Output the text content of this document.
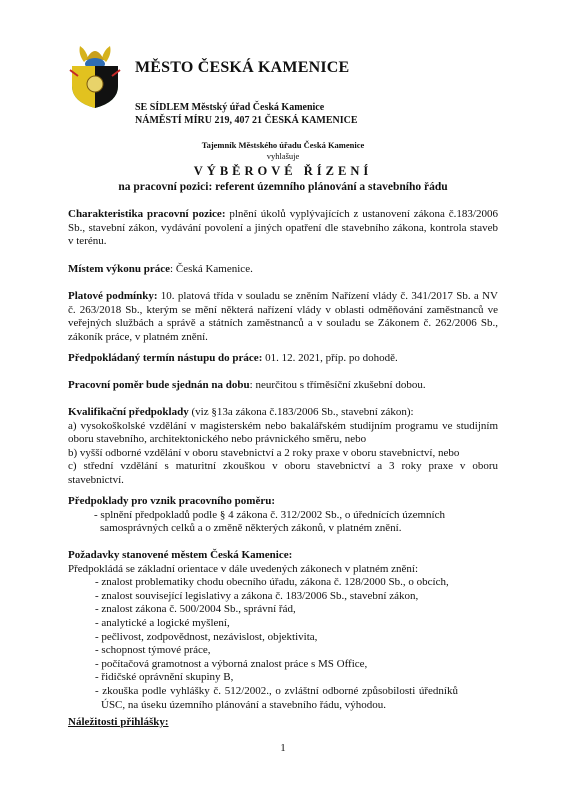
MĚSTO ČESKÁ KAMENICE
SE SÍDLEM Městský úřad Česká Kamenice
NÁMĚSTÍ MÍRU 219, 407 21 ČESKÁ KAMENICE
Tajemník Městského úřadu Česká Kamenice
vyhlašuje
VÝBĚROVÉ ŘÍZENÍ
na pracovní pozici: referent územního plánování a stavebního řádu
Charakteristika pracovní pozice: plnění úkolů vyplývajících z ustanovení zákona č.183/2006 Sb., stavební zákon, vydávání povolení a jiných opatření dle stavebního zákona, kontrola staveb v terénu.
Místem výkonu práce: Česká Kamenice.
Platové podmínky: 10. platová třída v souladu se zněním Nařízení vlády č. 341/2017 Sb. a NV č. 263/2018 Sb., kterým se mění některá nařízení vlády v oblasti odměňování zaměstnanců ve veřejných službách a správě a státních zaměstnanců a v souladu se Zákonem č. 262/2006 Sb., zákoník práce, v platném znění.
Předpokládaný termín nástupu do práce: 01. 12. 2021, příp. po dohodě.
Pracovní poměr bude sjednán na dobu: neurčitou s tříměsíční zkušební dobou.
Kvalifikační předpoklady (viz §13a zákona č.183/2006 Sb., stavební zákon):
a) vysokoškolské vzdělání v magisterském nebo bakalářském studijním programu ve studijním oboru stavebního, architektonického nebo právnického směru, nebo
b) vyšší odborné vzdělání v oboru stavebnictví a 2 roky praxe v oboru stavebnictví, nebo
c) střední vzdělání s maturitní zkouškou v oboru stavebnictví a 3 roky praxe v oboru stavebnictví.
Předpoklady pro vznik pracovního poměru:
- splnění předpokladů podle § 4 zákona č. 312/2002 Sb., o úřednících územních
samosprávných celků a o změně některých zákonů, v platném znění.
Požadavky stanovené městem Česká Kamenice:
Předpokládá se základní orientace v dále uvedených zákonech v platném znění:
- znalost problematiky chodu obecního úřadu, zákona č. 128/2000 Sb., o obcích,
- znalost související legislativy a zákona č. 183/2006 Sb., stavební zákon,
- znalost zákona č. 500/2004 Sb., správní řád,
- analytické a logické myšlení,
- pečlivost, zodpovědnost, nezávislost, objektivita,
- schopnost týmové práce,
- počítačová gramotnost a výborná znalost práce s MS Office,
- řidičské oprávnění skupiny B,
- zkouška podle vyhlášky č. 512/2002., o zvláštní odborné způsobilosti úředníků ÚSC, na úseku územního plánování a stavebního řádu, výhodou.
Náležitosti přihlášky:
1
